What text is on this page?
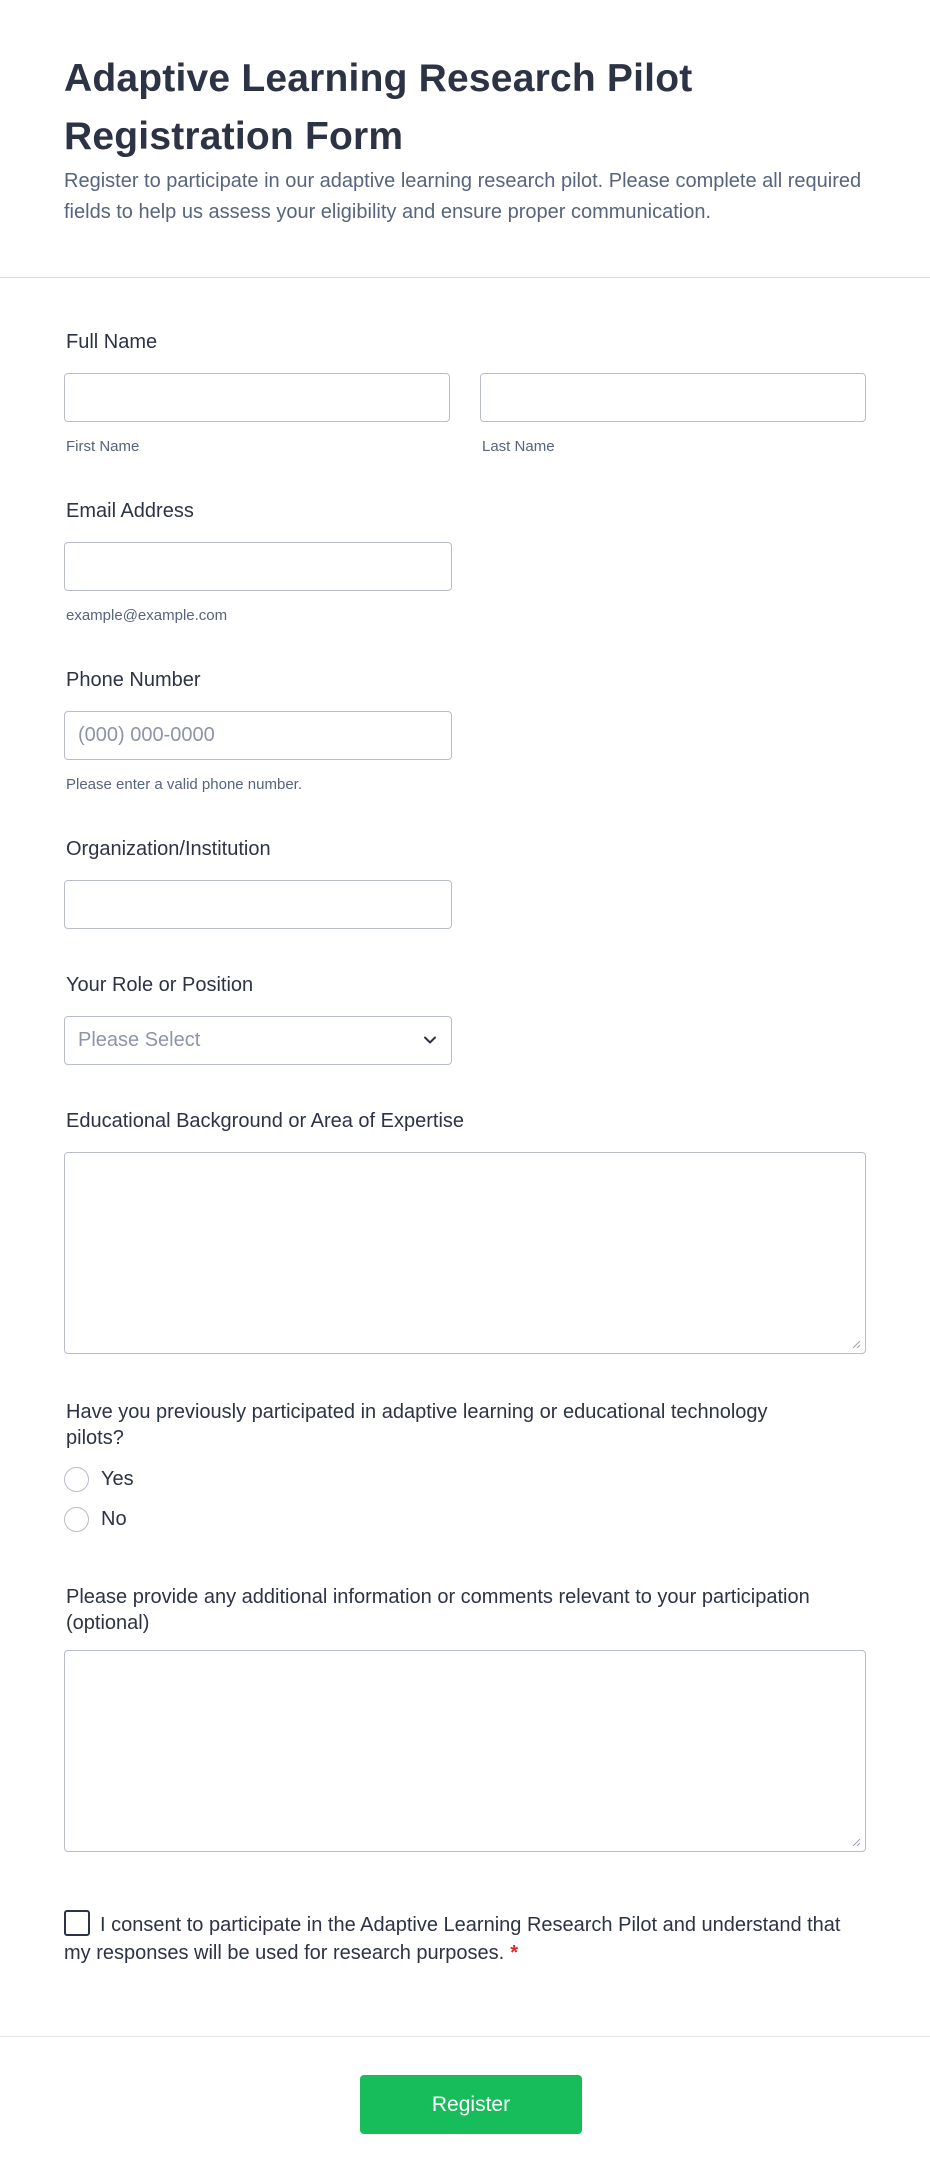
Adaptive Learning Research Pilot Registration Form

Register to participate in our adaptive learning research pilot. Please complete all required fields to help us assess your eligibility and ensure proper communication.

Full Name
First Name	Last Name
Email Address
example@example.com
Phone Number
(000) 000-0000
Please enter a valid phone number.
Organization/Institution
Your Role or Position
Please Select
Educational Background or Area of Expertise
Have you previously participated in adaptive learning or educational technology pilots?
Yes
No
Please provide any additional information or comments relevant to your participation (optional)
I consent to participate in the Adaptive Learning Research Pilot and understand that my responses will be used for research purposes. *
Register
